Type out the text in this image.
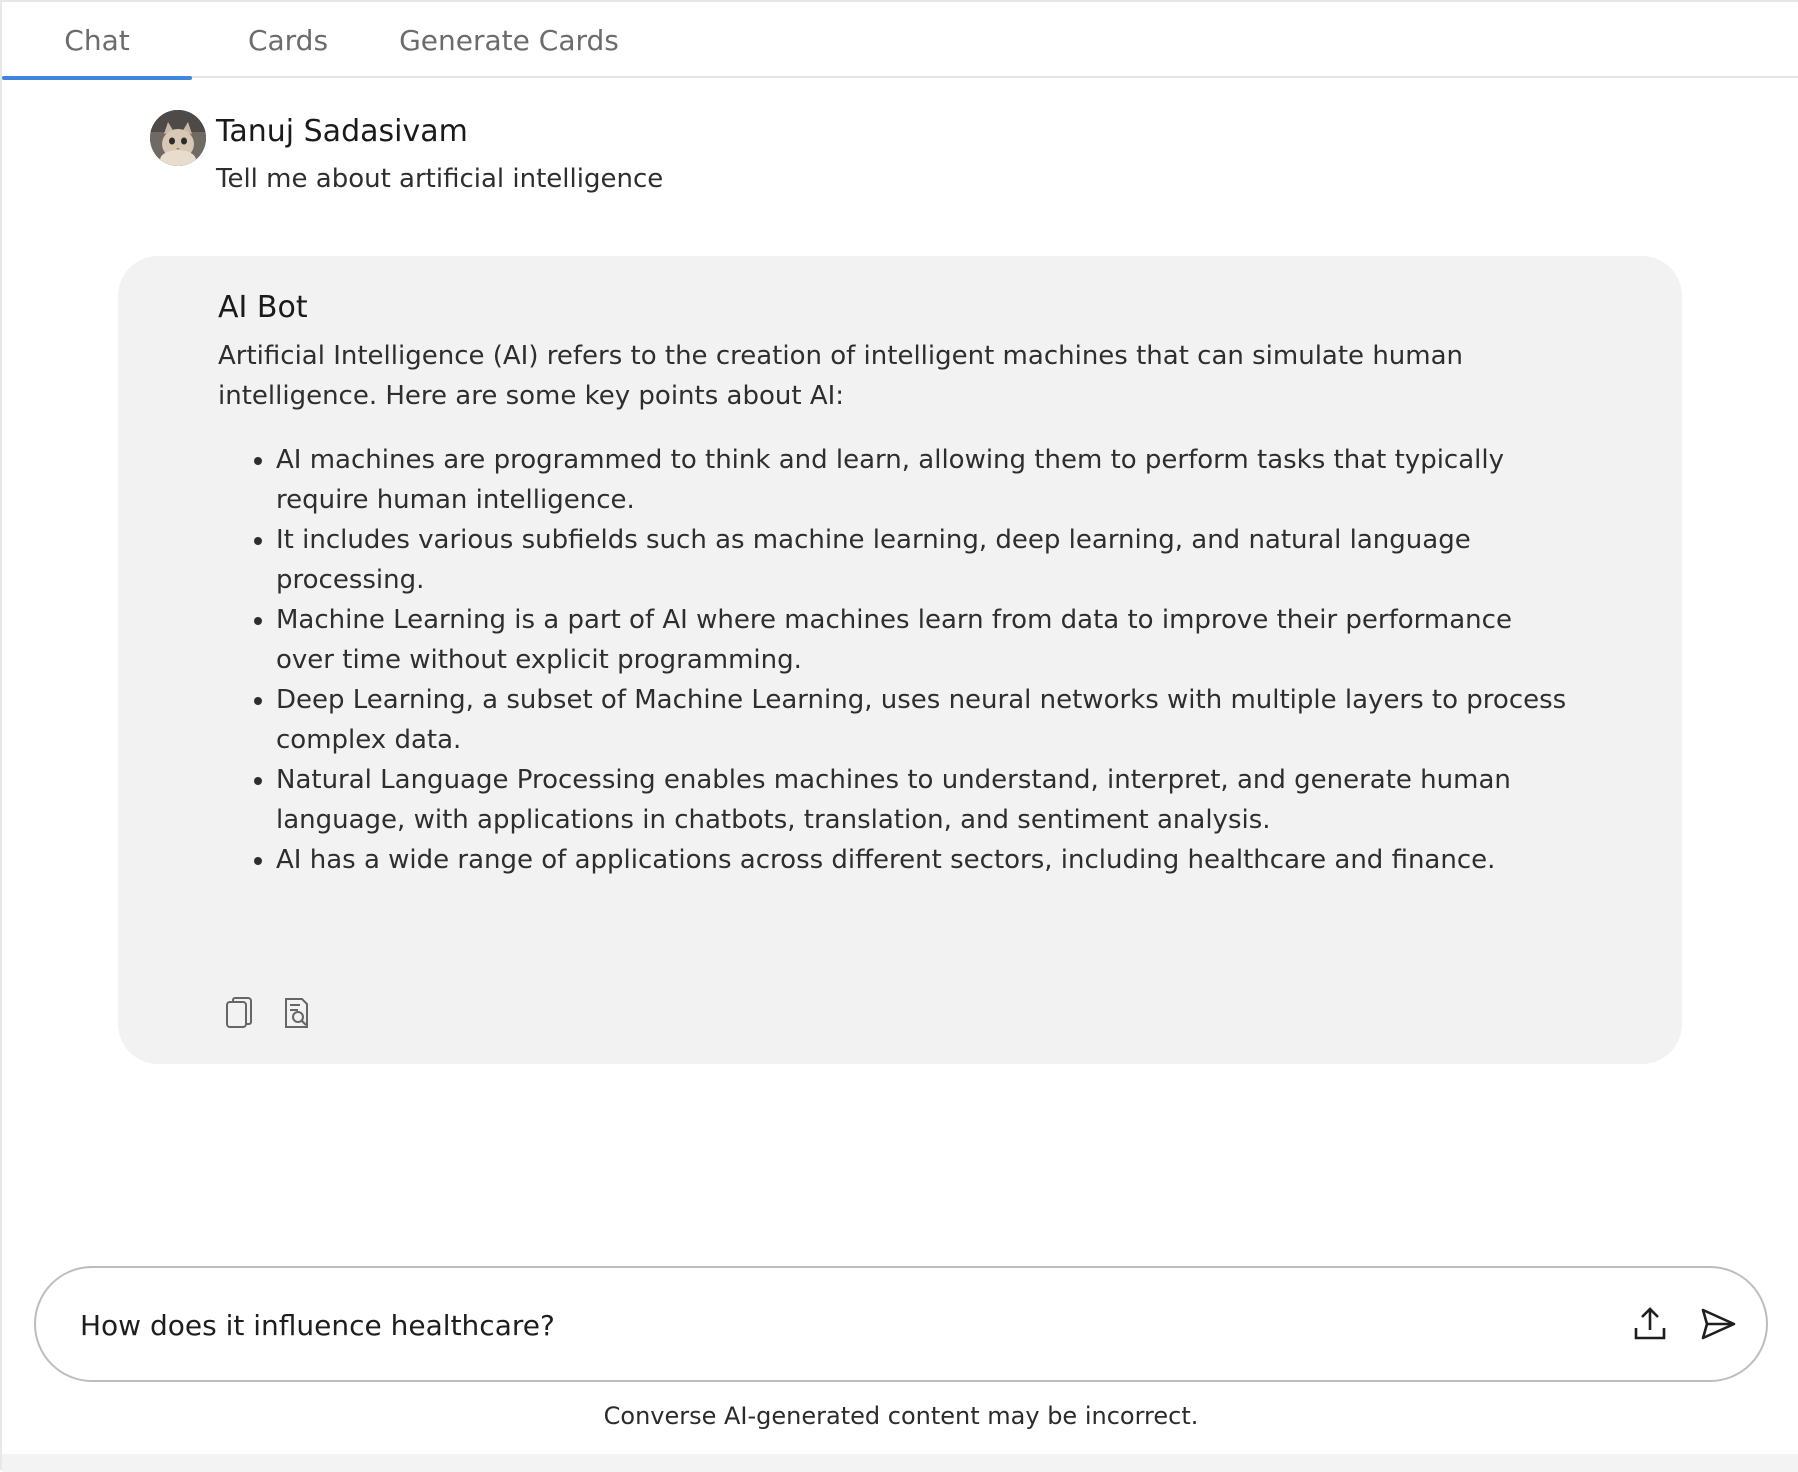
Chat	Cards	Generate Cards
Tanuj Sadasivam
Tell me about artificial intelligence
AI Bot
Artificial Intelligence (AI) refers to the creation of intelligent machines that can simulate human intelligence. Here are some key points about AI:
• AI machines are programmed to think and learn, allowing them to perform tasks that typically require human intelligence.
• It includes various subfields such as machine learning, deep learning, and natural language processing.
• Machine Learning is a part of AI where machines learn from data to improve their performance over time without explicit programming.
• Deep Learning, a subset of Machine Learning, uses neural networks with multiple layers to process complex data.
• Natural Language Processing enables machines to understand, interpret, and generate human language, with applications in chatbots, translation, and sentiment analysis.
• AI has a wide range of applications across different sectors, including healthcare and finance.
How does it influence healthcare?
Converse AI-generated content may be incorrect.
